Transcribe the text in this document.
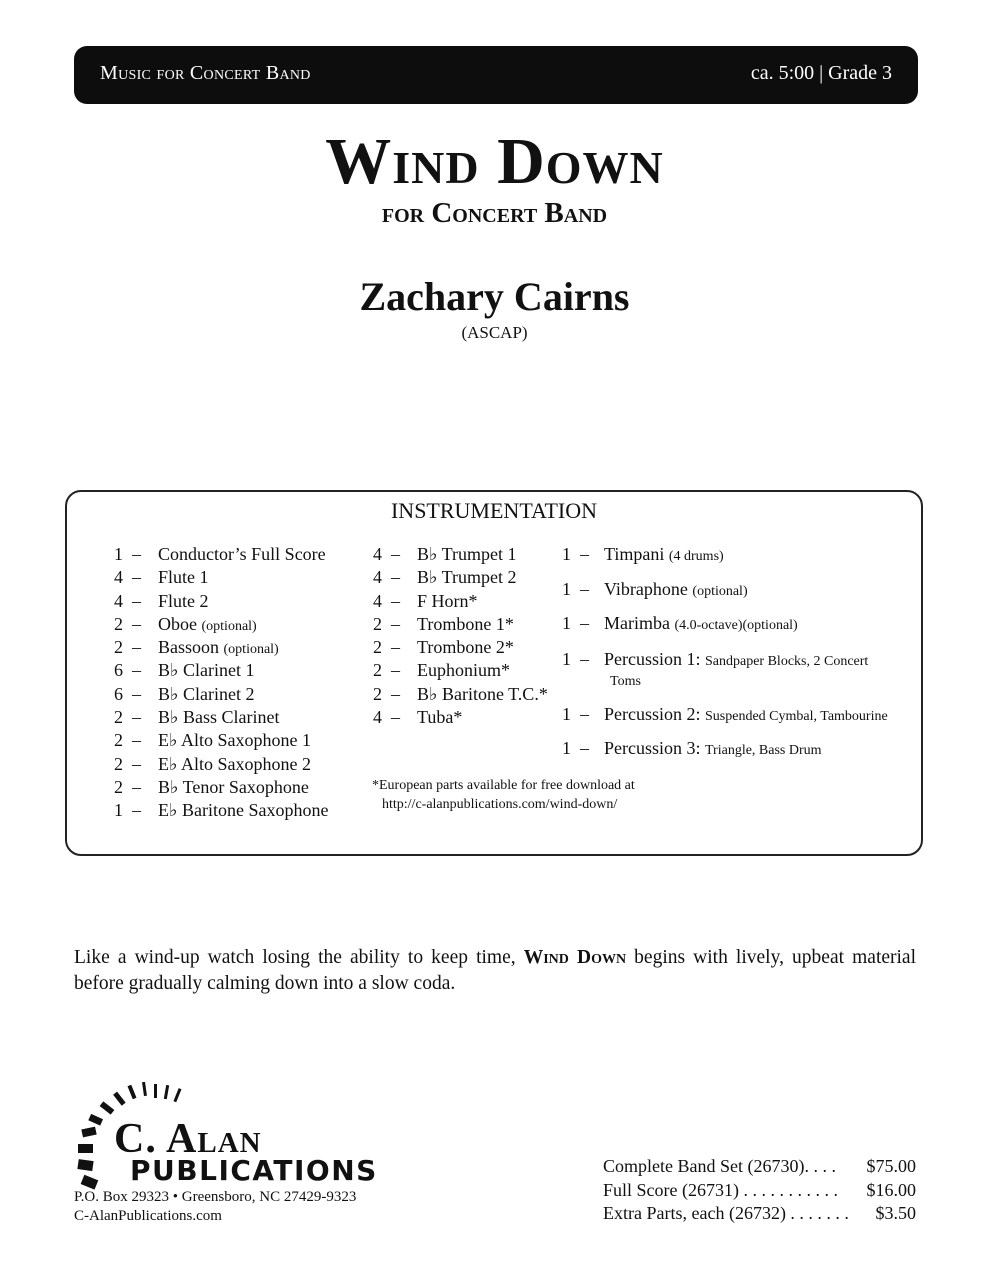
Music for Concert Band	ca. 5:00 | Grade 3
Wind Down
for Concert Band
Zachary Cairns
(ASCAP)
INSTRUMENTATION
1 – Conductor’s Full Score
4 – Flute 1
4 – Flute 2
2 – Oboe (optional)
2 – Bassoon (optional)
6 – B♭ Clarinet 1
6 – B♭ Clarinet 2
2 – B♭ Bass Clarinet
2 – E♭ Alto Saxophone 1
2 – E♭ Alto Saxophone 2
2 – B♭ Tenor Saxophone
1 – E♭ Baritone Saxophone
4 – B♭ Trumpet 1
4 – B♭ Trumpet 2
4 – F Horn*
2 – Trombone 1*
2 – Trombone 2*
2 – Euphonium*
2 – B♭ Baritone T.C.*
4 – Tuba*
1 – Timpani (4 drums)
1 – Vibraphone (optional)
1 – Marimba (4.0-octave)(optional)
1 – Percussion 1: Sandpaper Blocks, 2 Concert
Toms
1 – Percussion 2: Suspended Cymbal, Tambourine
1 – Percussion 3: Triangle, Bass Drum
*European parts available for free download at
http://c-alanpublications.com/wind-down/
Like a wind-up watch losing the ability to keep time, Wind Down begins with lively, upbeat material before gradually calming down into a slow coda.
C. Alan
PUBLICATIONS
P.O. Box 29323 • Greensboro, NC 27429-9323
C-AlanPublications.com
Complete Band Set (26730). . . . $75.00
Full Score (26731) . . . . . . . . . . . $16.00
Extra Parts, each (26732) . . . . . . . $3.50
